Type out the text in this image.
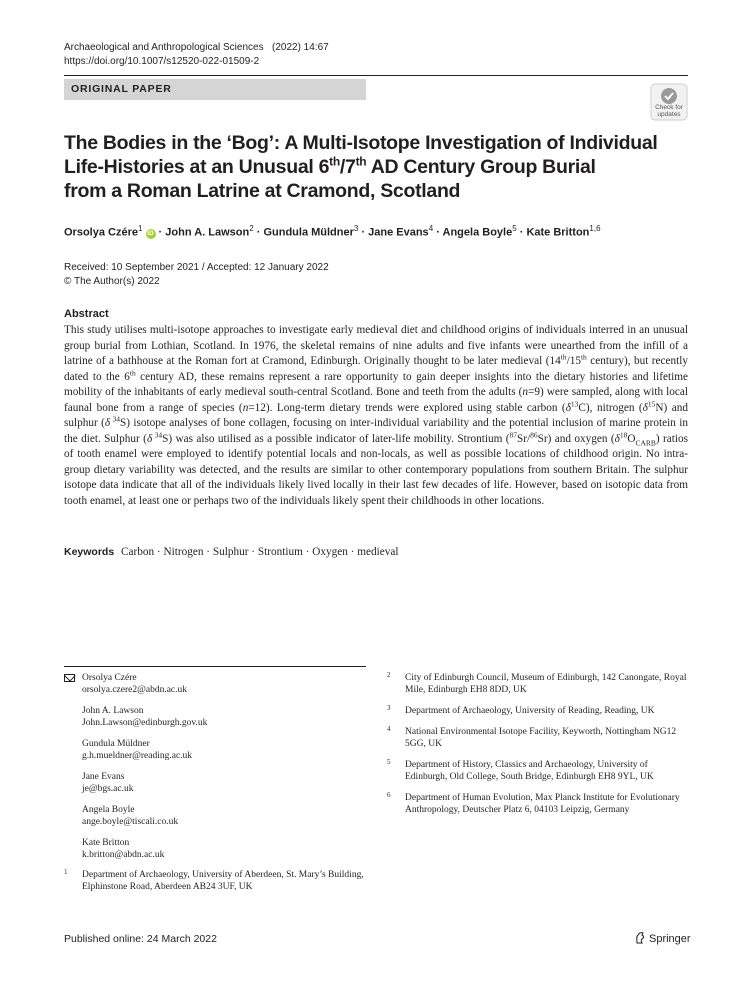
Archaeological and Anthropological Sciences (2022) 14:67
https://doi.org/10.1007/s12520-022-01509-2
ORIGINAL PAPER
Check for updates
The Bodies in the ‘Bog’: A Multi-Isotope Investigation of Individual
Life-Histories at an Unusual 6th/7th AD Century Group Burial
from a Roman Latrine at Cramond, Scotland
Orsolya Czére$^1$ iD · John A. Lawson$^2$ · Gundula Müldner$^3$ · Jane Evans$^4$ · Angela Boyle$^5$ · Kate Britton$^{1,6}$
Received: 10 September 2021 / Accepted: 12 January 2022
© The Author(s) 2022
Abstract
This study utilises multi-isotope approaches to investigate early medieval diet and childhood origins of individuals interred in an unusual group burial from Lothian, Scotland. In 1976, the skeletal remains of nine adults and five infants were unearthed from the infill of a latrine of a bathhouse at the Roman fort at Cramond, Edinburgh. Originally thought to be later medieval (14th/15th century), but recently dated to the 6th century AD, these remains represent a rare opportunity to gain deeper insights into the dietary histories and lifetime mobility of the inhabitants of early medieval south-central Scotland. Bone and teeth from the adults (n=9) were sampled, along with local faunal bone from a range of species (n=12). Long-term dietary trends were explored using stable carbon $(\delta^{13}C)$, nitrogen $(\delta^{15}N)$ and sulphur (δ $^{34}$S) isotope analyses of bone collagen, focusing on inter-individual variability and the potential inclusion of marine protein in the diet. Sulphur (δ $^{34}$S) was also utilised as a possible indicator of later-life mobility. Strontium ($^{87}$Sr/$^{86}$Sr) and oxygen $(\delta^{18}O_{CARB})$ ratios of tooth enamel were employed to identify potential locals and non-locals, as well as possible locations of childhood origin. No intra-group dietary variability was detected, and the results are similar to other contemporary populations from southern Britain. The sulphur isotope data indicate that all of the individuals likely lived locally in their last few decades of life. However, based on isotopic data from tooth enamel, at least one or perhaps two of the individuals likely spent their childhoods in other locations.
Keywords Carbon · Nitrogen · Sulphur · Strontium · Oxygen · medieval
Orsolya Czére
orsolya.czere2@abdn.ac.uk
John A. Lawson
John.Lawson@edinburgh.gov.uk
Gundula Müldner
g.h.mueldner@reading.ac.uk
Jane Evans
je@bgs.ac.uk
Angela Boyle
ange.boyle@tiscali.co.uk
Kate Britton
k.britton@abdn.ac.uk
1 Department of Archaeology, University of Aberdeen, St. Mary’s Building, Elphinstone Road, Aberdeen AB24 3UF, UK
2 City of Edinburgh Council, Museum of Edinburgh, 142 Canongate, Royal Mile, Edinburgh EH8 8DD, UK
3 Department of Archaeology, University of Reading, Reading, UK
4 National Environmental Isotope Facility, Keyworth, Nottingham NG12 5GG, UK
5 Department of History, Classics and Archaeology, University of Edinburgh, Old College, South Bridge, Edinburgh EH8 9YL, UK
6 Department of Human Evolution, Max Planck Institute for Evolutionary Anthropology, Deutscher Platz 6, 04103 Leipzig, Germany
Published online: 24 March 2022	Springer
